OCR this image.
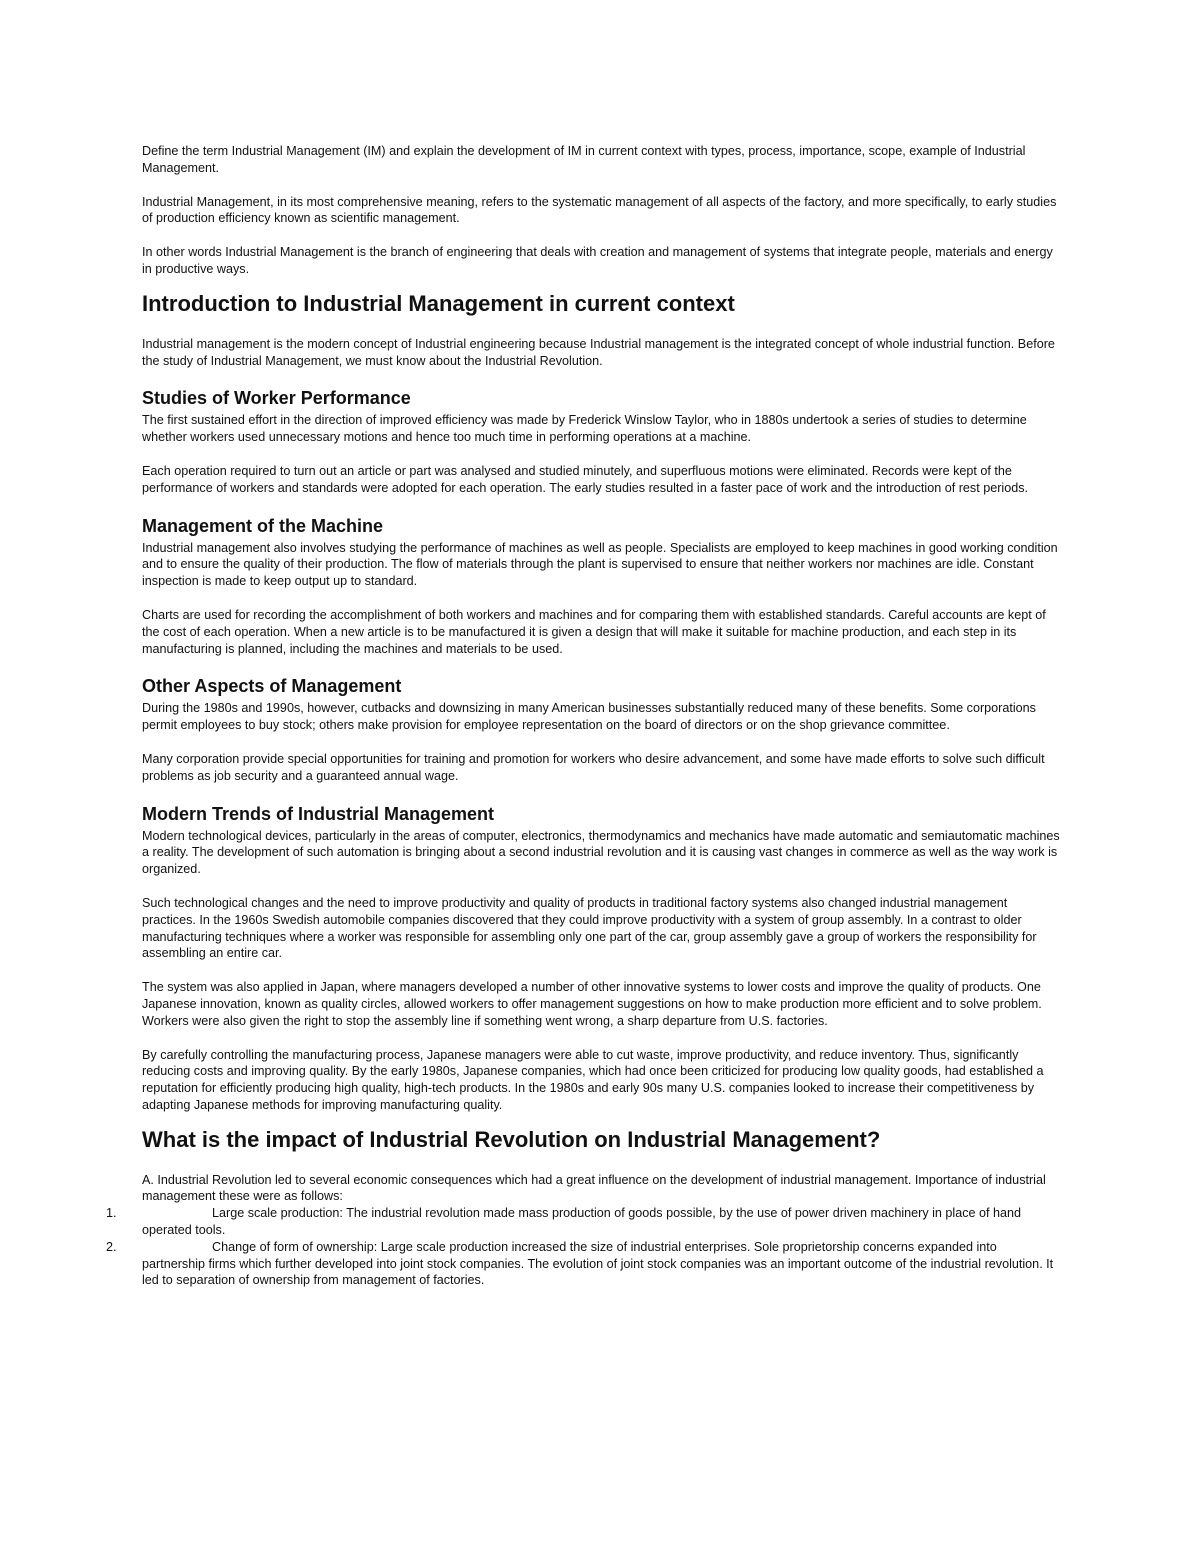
Define the term Industrial Management (IM) and explain the development of IM in current context with types, process, importance, scope, example of Industrial Management.

Industrial Management, in its most comprehensive meaning, refers to the systematic management of all aspects of the factory, and more specifically, to early studies of production efficiency known as scientific management.

In other words Industrial Management is the branch of engineering that deals with creation and management of systems that integrate people, materials and energy in productive ways.

Introduction to Industrial Management in current context

Industrial management is the modern concept of Industrial engineering because Industrial management is the integrated concept of whole industrial function. Before the study of Industrial Management, we must know about the Industrial Revolution.

Studies of Worker Performance

The first sustained effort in the direction of improved efficiency was made by Frederick Winslow Taylor, who in 1880s undertook a series of studies to determine whether workers used unnecessary motions and hence too much time in performing operations at a machine.

Each operation required to turn out an article or part was analysed and studied minutely, and superfluous motions were eliminated. Records were kept of the performance of workers and standards were adopted for each operation. The early studies resulted in a faster pace of work and the introduction of rest periods.

Management of the Machine

Industrial management also involves studying the performance of machines as well as people. Specialists are employed to keep machines in good working condition and to ensure the quality of their production. The flow of materials through the plant is supervised to ensure that neither workers nor machines are idle. Constant inspection is made to keep output up to standard.

Charts are used for recording the accomplishment of both workers and machines and for comparing them with established standards. Careful accounts are kept of the cost of each operation. When a new article is to be manufactured it is given a design that will make it suitable for machine production, and each step in its manufacturing is planned, including the machines and materials to be used.

Other Aspects of Management

During the 1980s and 1990s, however, cutbacks and downsizing in many American businesses substantially reduced many of these benefits. Some corporations permit employees to buy stock; others make provision for employee representation on the board of directors or on the shop grievance committee.

Many corporation provide special opportunities for training and promotion for workers who desire advancement, and some have made efforts to solve such difficult problems as job security and a guaranteed annual wage.

Modern Trends of Industrial Management

Modern technological devices, particularly in the areas of computer, electronics, thermodynamics and mechanics have made automatic and semiautomatic machines a reality. The development of such automation is bringing about a second industrial revolution and it is causing vast changes in commerce as well as the way work is organized.

Such technological changes and the need to improve productivity and quality of products in traditional factory systems also changed industrial management practices. In the 1960s Swedish automobile companies discovered that they could improve productivity with a system of group assembly. In a contrast to older manufacturing techniques where a worker was responsible for assembling only one part of the car, group assembly gave a group of workers the responsibility for assembling an entire car.

The system was also applied in Japan, where managers developed a number of other innovative systems to lower costs and improve the quality of products. One Japanese innovation, known as quality circles, allowed workers to offer management suggestions on how to make production more efficient and to solve problem. Workers were also given the right to stop the assembly line if something went wrong, a sharp departure from U.S. factories.

By carefully controlling the manufacturing process, Japanese managers were able to cut waste, improve productivity, and reduce inventory. Thus, significantly reducing costs and improving quality. By the early 1980s, Japanese companies, which had once been criticized for producing low quality goods, had established a reputation for efficiently producing high quality, high-tech products. In the 1980s and early 90s many U.S. companies looked to increase their competitiveness by adapting Japanese methods for improving manufacturing quality.

What is the impact of Industrial Revolution on Industrial Management?

A. Industrial Revolution led to several economic consequences which had a great influence on the development of industrial management. Importance of industrial management these were as follows:

1.	Large scale production: The industrial revolution made mass production of goods possible, by the use of power driven machinery in place of hand operated tools.
2.	Change of form of ownership: Large scale production increased the size of industrial enterprises. Sole proprietorship concerns expanded into partnership firms which further developed into joint stock companies. The evolution of joint stock companies was an important outcome of the industrial revolution. It led to separation of ownership from management of factories.
